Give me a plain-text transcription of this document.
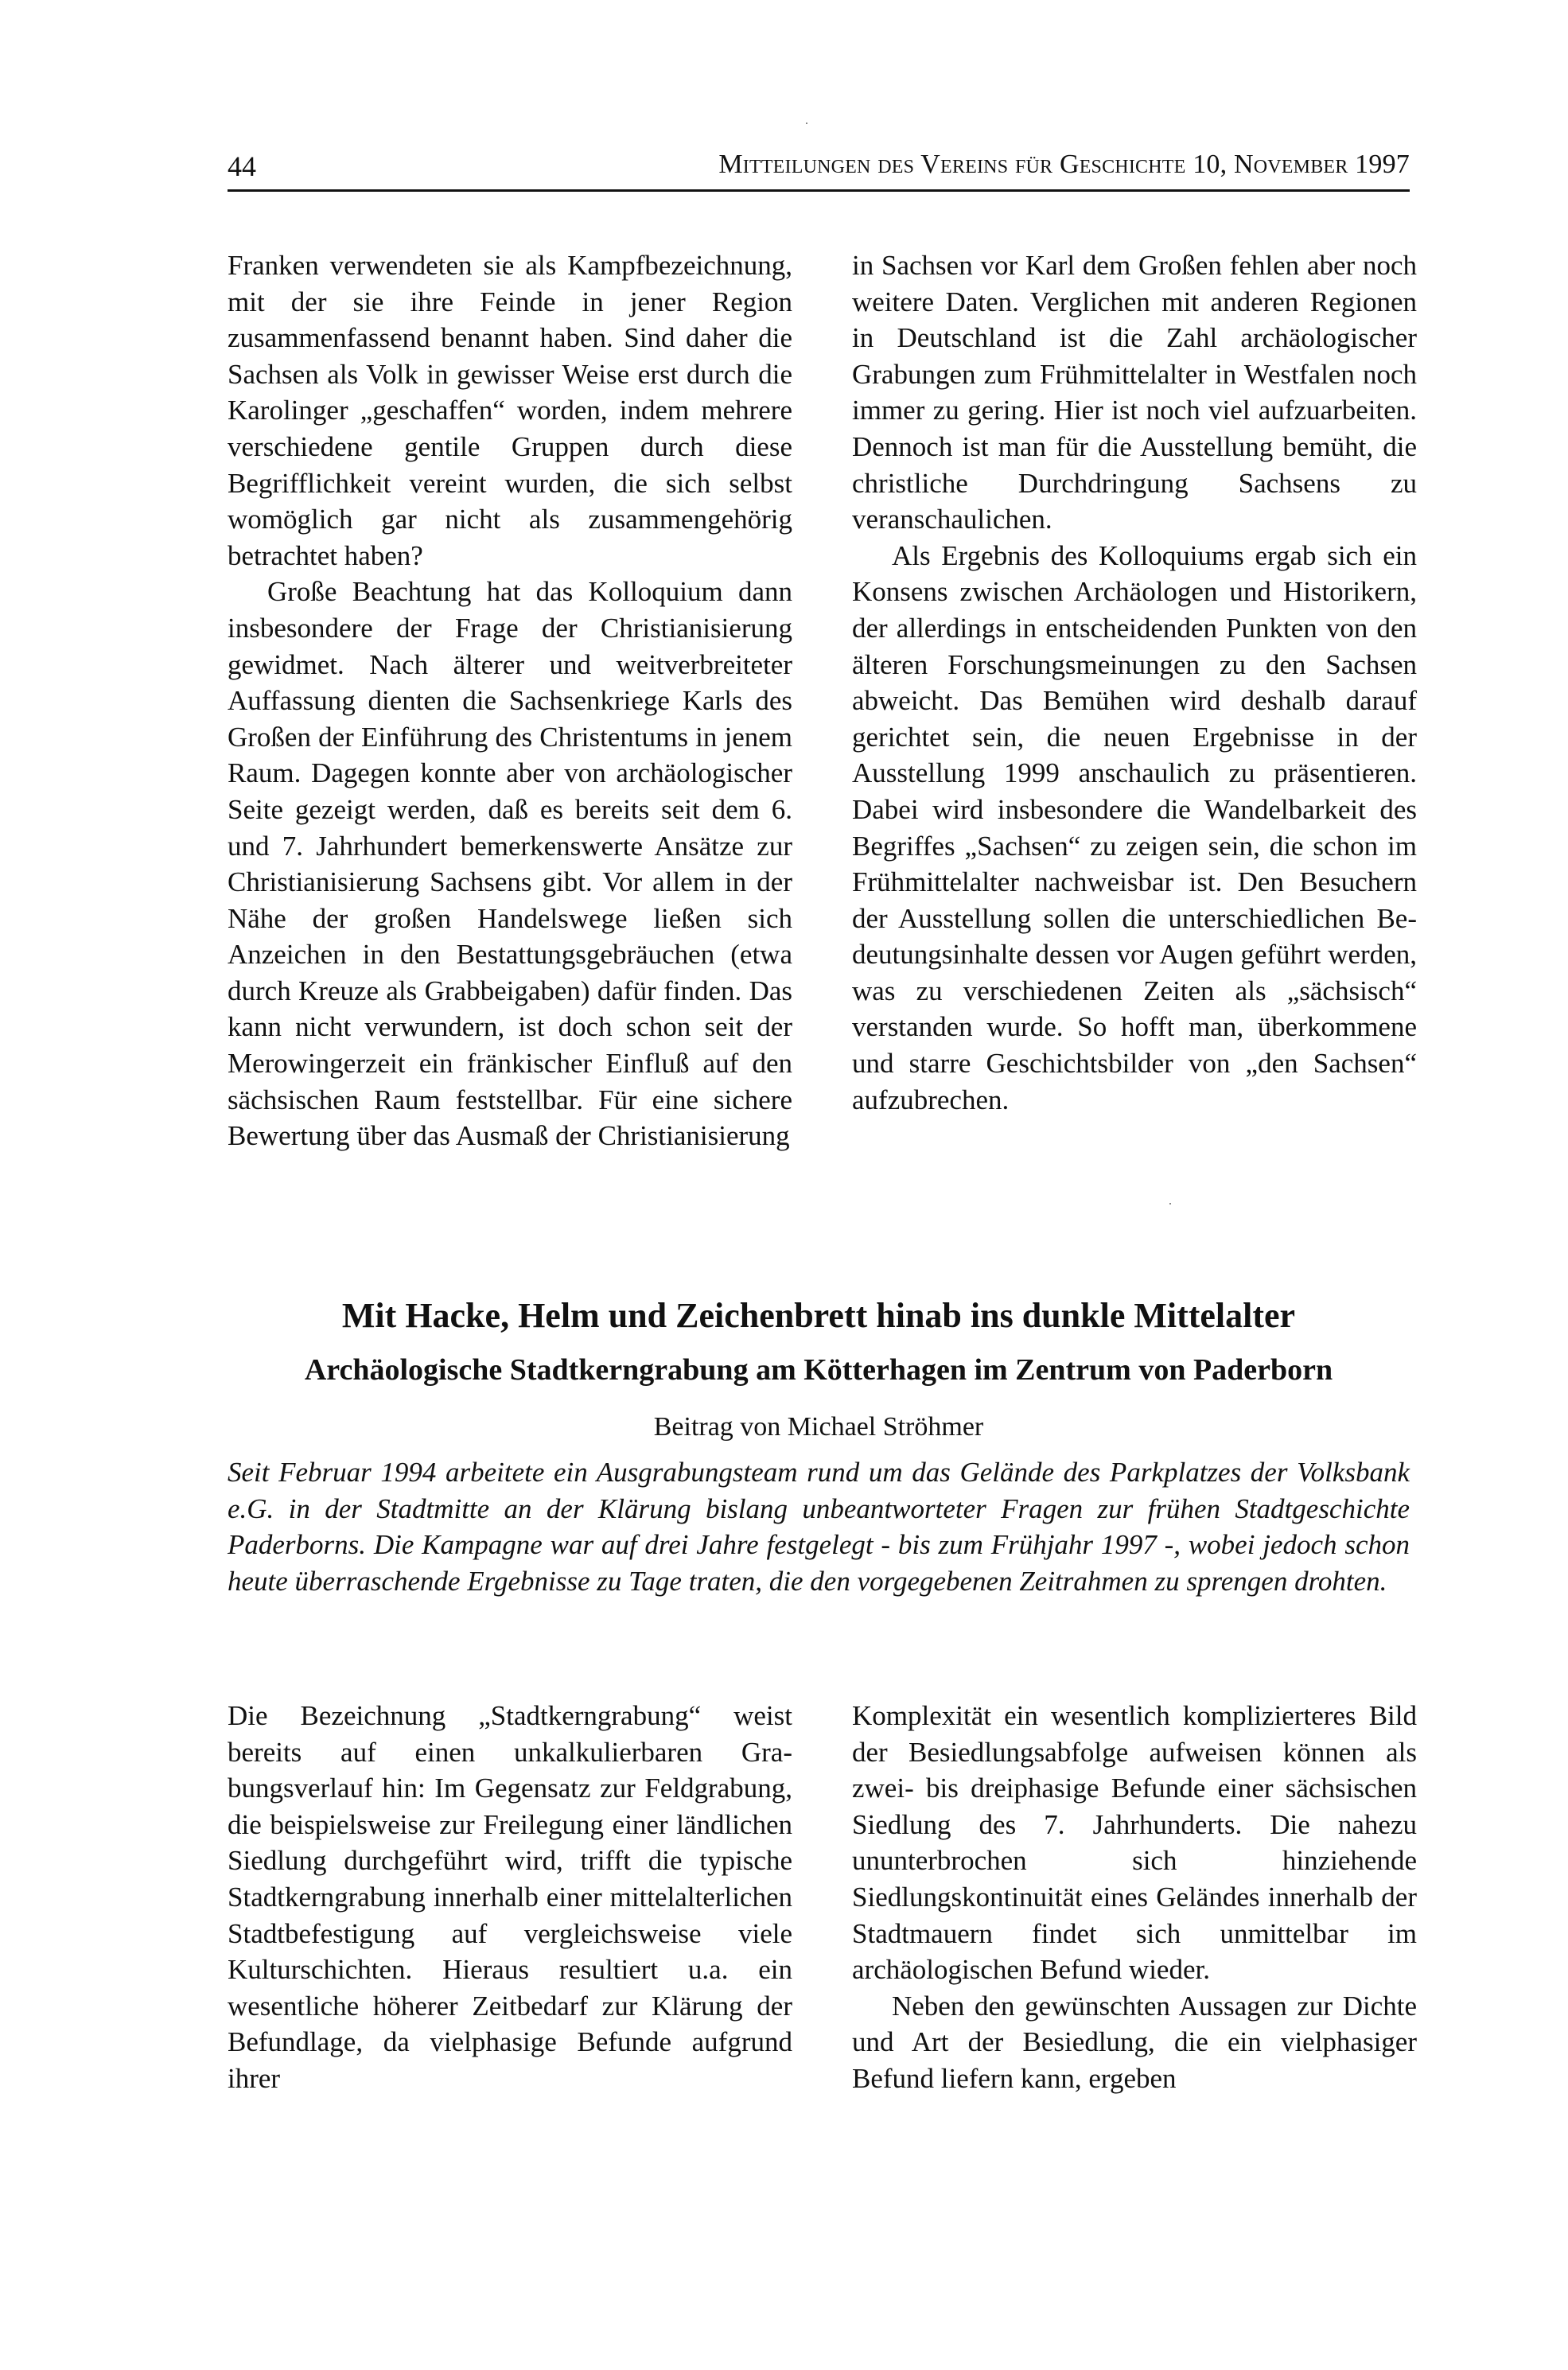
44	Mitteilungen des Vereins für Geschichte 10, November 1997

Franken verwendeten sie als Kampfbezeichnung, mit der sie ihre Feinde in jener Region zusammenfassend benannt haben. Sind daher die Sachsen als Volk in gewisser Weise erst durch die Karolinger „geschaffen“ worden, indem mehrere verschiedene gentile Gruppen durch diese Begrifflichkeit vereint wurden, die sich selbst womöglich gar nicht als zusammengehörig betrachtet haben?

Große Beachtung hat das Kolloquium dann insbesondere der Frage der Christianisierung gewidmet. Nach älterer und weitverbreiteter Auffassung dienten die Sachsenkriege Karls des Großen der Einführung des Christentums in jenem Raum. Dagegen konnte aber von archäologischer Seite gezeigt werden, daß es bereits seit dem 6. und 7. Jahrhundert bemerkenswerte Ansätze zur Christianisierung Sachsens gibt. Vor allem in der Nähe der großen Handelswege ließen sich Anzeichen in den Bestattungsgebräuchen (etwa durch Kreuze als Grabbeigaben) dafür finden. Das kann nicht verwundern, ist doch schon seit der Merowingerzeit ein fränkischer Einfluß auf den sächsischen Raum feststellbar. Für eine sichere Bewertung über das Ausmaß der Christianisierung

in Sachsen vor Karl dem Großen fehlen aber noch weitere Daten. Verglichen mit anderen Regionen in Deutschland ist die Zahl archäologischer Grabungen zum Frühmittelalter in Westfalen noch immer zu gering. Hier ist noch viel aufzuarbeiten. Dennoch ist man für die Ausstellung bemüht, die christliche Durchdringung Sachsens zu veranschaulichen.

Als Ergebnis des Kolloquiums ergab sich ein Konsens zwischen Archäologen und Historikern, der allerdings in entscheidenden Punkten von den älteren Forschungsmeinungen zu den Sachsen abweicht. Das Bemühen wird deshalb darauf gerichtet sein, die neuen Ergebnisse in der Ausstellung 1999 anschaulich zu präsentieren. Dabei wird insbesondere die Wandelbarkeit des Begriffes „Sachsen“ zu zeigen sein, die schon im Frühmittelalter nachweisbar ist. Den Besuchern der Ausstellung sollen die unterschiedlichen Bedeutungsinhalte dessen vor Augen geführt werden, was zu verschiedenen Zeiten als „sächsisch“ verstanden wurde. So hofft man, überkommene und starre Geschichtsbilder von „den Sachsen“ aufzubrechen.

Mit Hacke, Helm und Zeichenbrett hinab ins dunkle Mittelalter
Archäologische Stadtkerngrabung am Kötterhagen im Zentrum von Paderborn

Beitrag von Michael Ströhmer

Seit Februar 1994 arbeitete ein Ausgrabungsteam rund um das Gelände des Parkplatzes der Volksbank e.G. in der Stadtmitte an der Klärung bislang unbeantworteter Fragen zur frühen Stadtgeschichte Paderborns. Die Kampagne war auf drei Jahre festgelegt - bis zum Frühjahr 1997 -, wobei jedoch schon heute überraschende Ergebnisse zu Tage traten, die den vorgegebenen Zeitrahmen zu sprengen drohten.

Die Bezeichnung „Stadtkerngrabung“ weist bereits auf einen unkalkulierbaren Grabungsverlauf hin: Im Gegensatz zur Feldgrabung, die beispielsweise zur Freilegung einer ländlichen Siedlung durchgeführt wird, trifft die typische Stadtkerngrabung innerhalb einer mittelalterlichen Stadtbefestigung auf vergleichsweise viele Kulturschichten. Hieraus resultiert u.a. ein wesentliche höherer Zeitbedarf zur Klärung der Befundlage, da vielphasige Befunde aufgrund ihrer

Komplexität ein wesentlich komplizierteres Bild der Besiedlungsabfolge aufweisen können als zwei- bis dreiphasige Befunde einer sächsischen Siedlung des 7. Jahrhunderts. Die nahezu ununterbrochen sich hinziehende Siedlungskontinuität eines Geländes innerhalb der Stadtmauern findet sich unmittelbar im archäologischen Befund wieder.

Neben den gewünschten Aussagen zur Dichte und Art der Besiedlung, die ein vielphasiger Befund liefern kann, ergeben
